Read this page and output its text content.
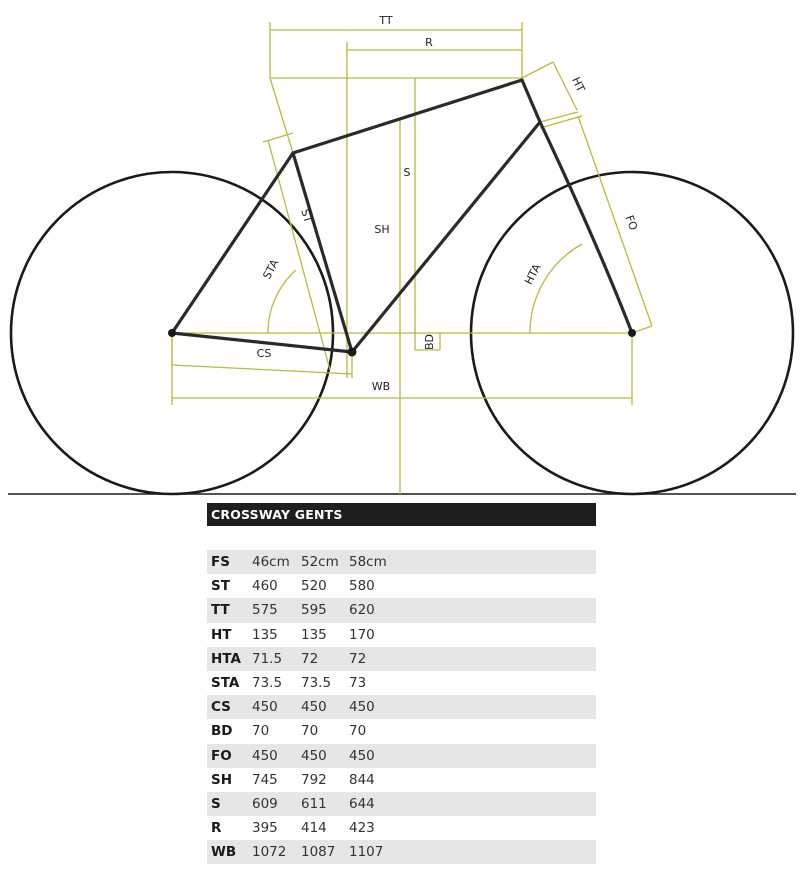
TT
R
HT
S
ST
SH
STA	HTA
FO
CS
BD
WB
CROSSWAY GENTS
FS	46cm 52cm 58cm
ST	460	520	580
TT	575	595	620
HT	135	135	170
HTA 71.5	72	72
STA 73.5	73.5	73
CS	450	450	450
BD	70	70	70
FO	450	450	450
SH	745	792	844
S	609	611	644
R	395	414	423
WB	1072	1087	1107
